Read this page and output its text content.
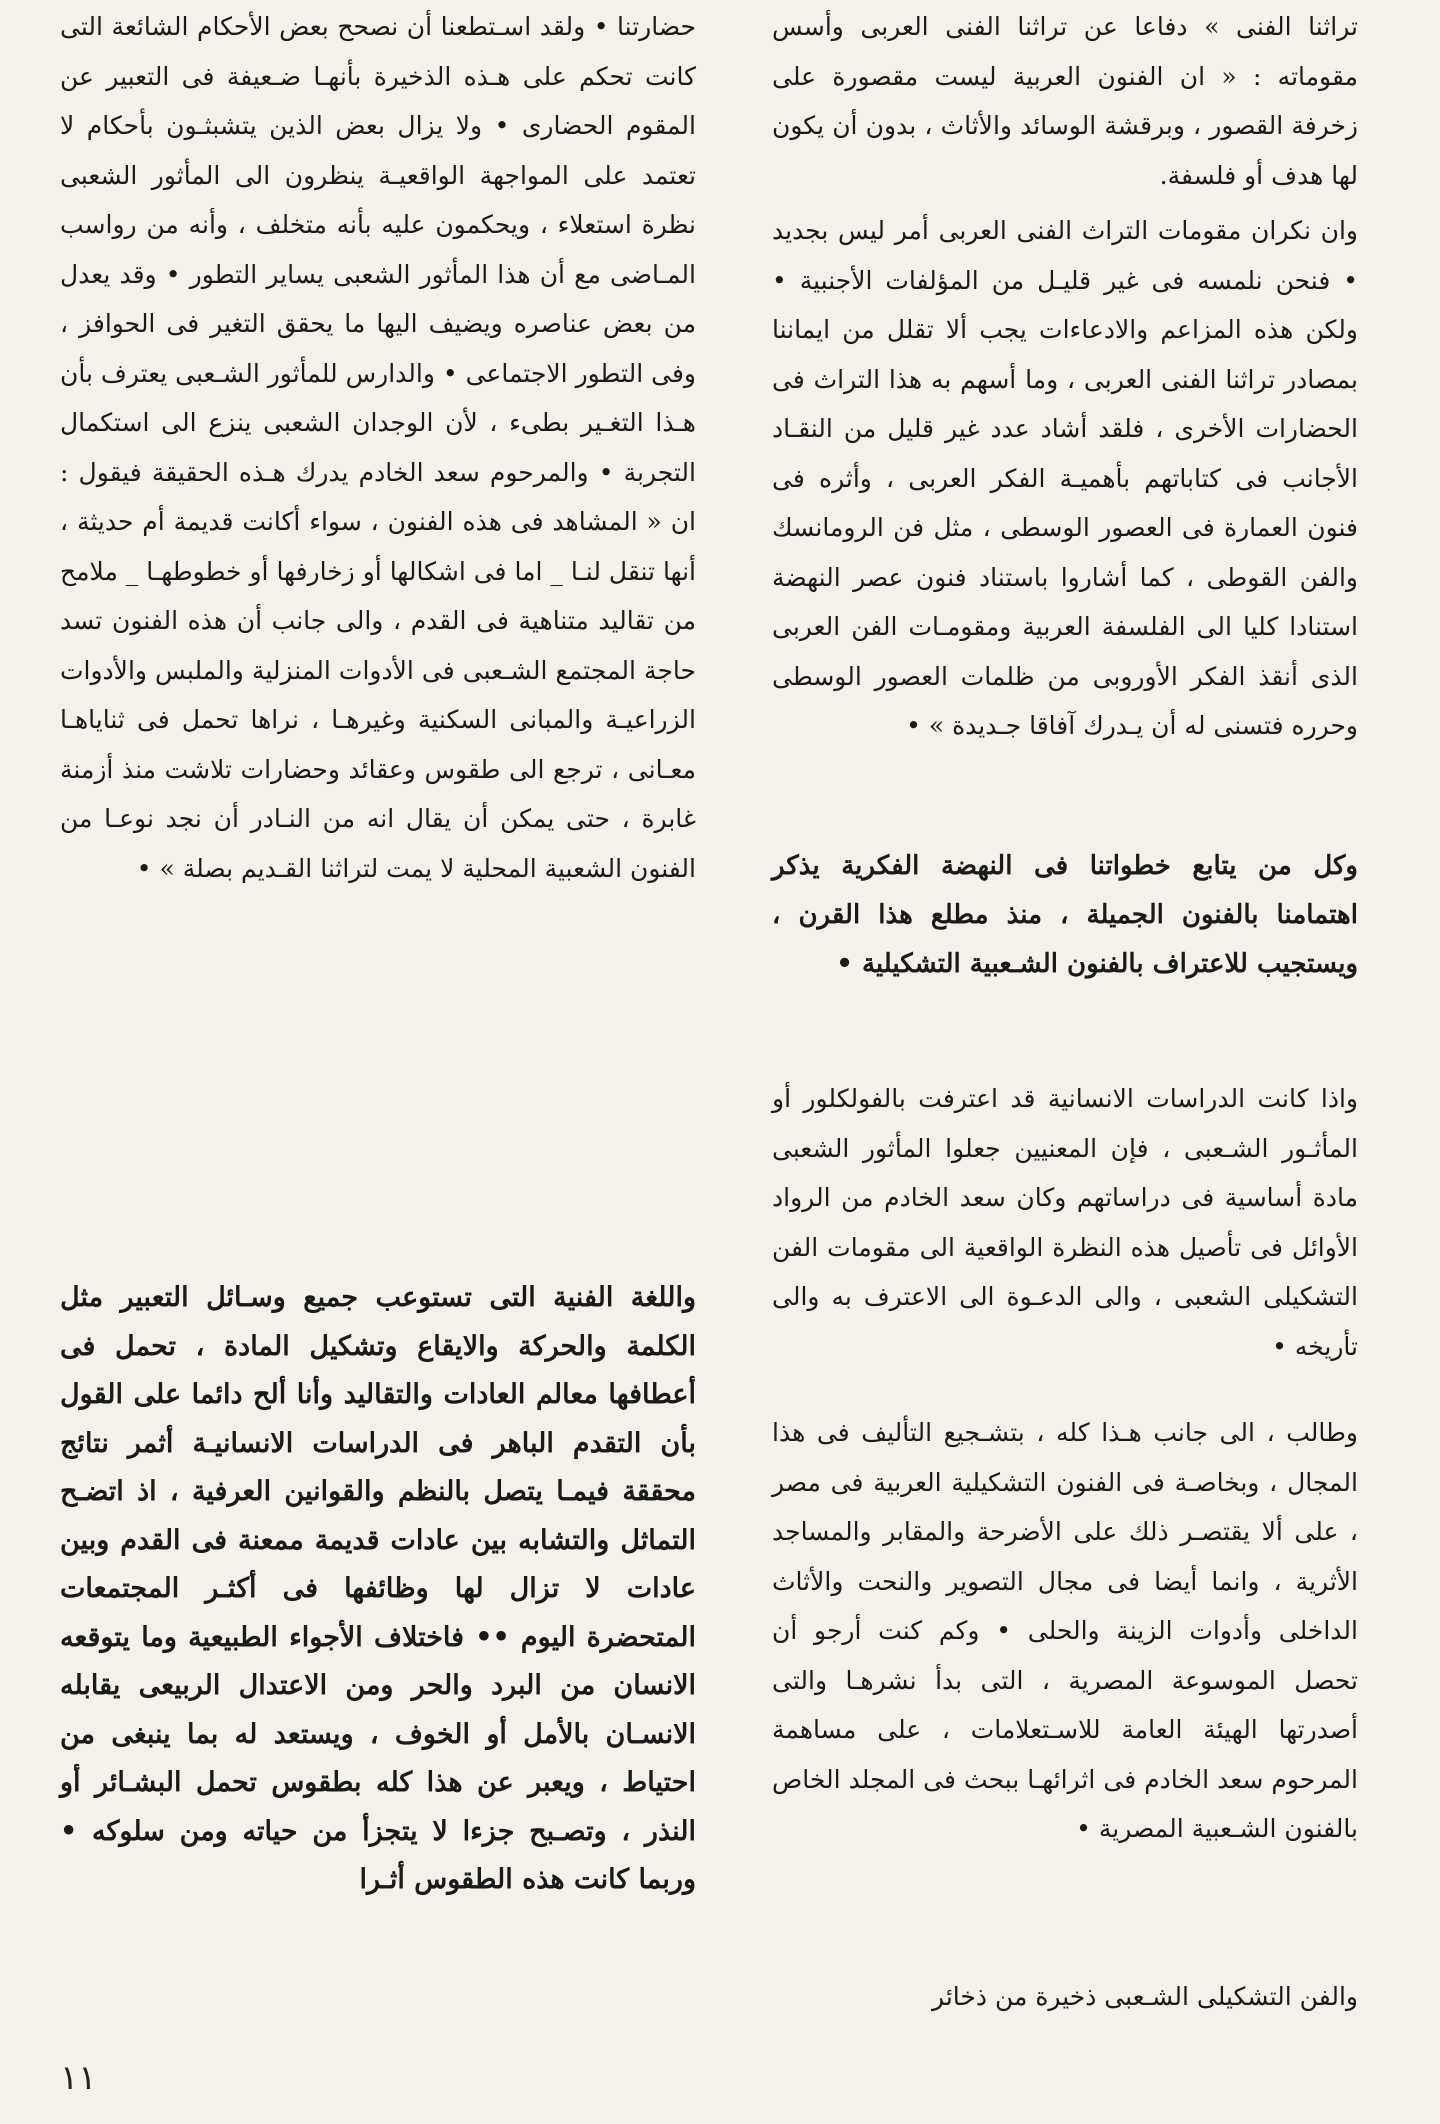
تراثنا الفنى » دفاعا عن تراثنا الفنى العربى وأسس مقوماته : « ان الفنون العربية ليست مقصورة على زخرفة القصور ، وبرقشة الوسائد والأثاث ، بدون أن يكون لها هدف أو فلسفة.

وان نكران مقومات التراث الفنى العربى أمر ليس بجديد • فنحن نلمسه فى غير قليـل من المؤلفات الأجنبية • ولكن هذه المزاعم والادعاءات يجب ألا تقلل من ايماننا بمصادر تراثنا الفنى العربى ، وما أسهم به هذا التراث فى الحضارات الأخرى ، فلقد أشاد عدد غير قليل من النقـاد الأجانب فى كتاباتهم بأهميـة الفكر العربى ، وأثره فى فنون العمارة فى العصور الوسطى ، مثل فن الرومانسك والفن القوطى ، كما أشاروا باستناد فنون عصر النهضة استنادا كليا الى الفلسفة العربية ومقومـات الفن العربى الذى أنقذ الفكر الأوروبى من ظلمات العصور الوسطى وحرره فتسنى له أن يـدرك آفاقا جـديدة » •

وكل من يتابع خطواتنا فى النهضة الفكرية يذكر اهتمامنا بالفنون الجميلة ، منذ مطلع هذا القرن ، ويستجيب للاعتراف بالفنون الشـعبية التشكيلية •

واذا كانت الدراسات الانسانية قد اعترفت بالفولكلور أو المأثـور الشـعبى ، فإن المعنيين جعلوا المأثور الشعبى مادة أساسية فى دراساتهم وكان سعد الخادم من الرواد الأوائل فى تأصيل هذه النظرة الواقعية الى مقومات الفن التشكيلى الشعبى ، والى الدعـوة الى الاعترف به والى تأريخه •

وطالب ، الى جانب هـذا كله ، بتشـجيع التأليف فى هذا المجال ، وبخاصـة فى الفنون التشكيلية العربية فى مصر ، على ألا يقتصـر ذلك على الأضرحة والمقابر والمساجد الأثرية ، وانما أيضا فى مجال التصوير والنحت والأثاث الداخلى وأدوات الزينة والحلى • وكم كنت أرجو أن تحصل الموسوعة المصرية ، التى بدأ نشرهـا والتى أصدرتها الهيئة العامة للاسـتعلامات ، على مساهمة المرحوم سعد الخادم فى اثرائهـا ببحث فى المجلد الخاص بالفنون الشـعبية المصرية •

والفن التشكيلى الشـعبى ذخيرة من ذخائر

حضارتنا • ولقد اسـتطعنا أن نصحح بعض الأحكام الشائعة التى كانت تحكم على هـذه الذخيرة بأنهـا ضـعيفة فى التعبير عن المقوم الحضارى • ولا يزال بعض الذين يتشبثـون بأحكام لا تعتمد على المواجهة الواقعيـة ينظرون الى المأثور الشعبى نظرة استعلاء ، ويحكمون عليه بأنه متخلف ، وأنه من رواسب المـاضى مع أن هذا المأثور الشعبى يساير التطور • وقد يعدل من بعض عناصره ويضيف اليها ما يحقق التغير فى الحوافز ، وفى التطور الاجتماعى • والدارس للمأثور الشـعبى يعترف بأن هـذا التغـير بطىء ، لأن الوجدان الشعبى ينزع الى استكمال التجربة • والمرحوم سعد الخادم يدرك هـذه الحقيقة فيقول : ان « المشاهد فى هذه الفنون ، سواء أكانت قديمة أم حديثة ، أنها تنقل لنـا _ اما فى اشكالها أو زخارفها أو خطوطهـا _ ملامح من تقاليد متناهية فى القدم ، والى جانب أن هذه الفنون تسد حاجة المجتمع الشـعبى فى الأدوات المنزلية والملبس والأدوات الزراعيـة والمبانى السكنية وغيرهـا ، نراها تحمل فى ثناياهـا معـانى ، ترجع الى طقوس وعقائد وحضارات تلاشت منذ أزمنة غابرة ، حتى يمكن أن يقال انه من النـادر أن نجد نوعـا من الفنون الشعبية المحلية لا يمت لتراثنا القـديم بصلة » •

واللغة الفنية التى تستوعب جميع وسـائل التعبير مثل الكلمة والحركة والايقاع وتشكيل المادة ، تحمل فى أعطافها معالم العادات والتقاليد وأنا ألح دائما على القول بأن التقدم الباهر فى الدراسات الانسانيـة أثمر نتائج محققة فيمـا يتصل بالنظم والقوانين العرفية ، اذ اتضـح التماثل والتشابه بين عادات قديمة ممعنة فى القدم وبين عادات لا تزال لها وظائفها فى أكثـر المجتمعات المتحضرة اليوم •• فاختلاف الأجواء الطبيعية وما يتوقعه الانسان من البرد والحر ومن الاعتدال الربيعى يقابله الانسـان بالأمل أو الخوف ، ويستعد له بما ينبغى من احتياط ، ويعبر عن هذا كله بطقوس تحمل البشـائر أو النذر ، وتصـبح جزءا لا يتجزأ من حياته ومن سلوكه • وربما كانت هذه الطقوس أثـرا

١١
